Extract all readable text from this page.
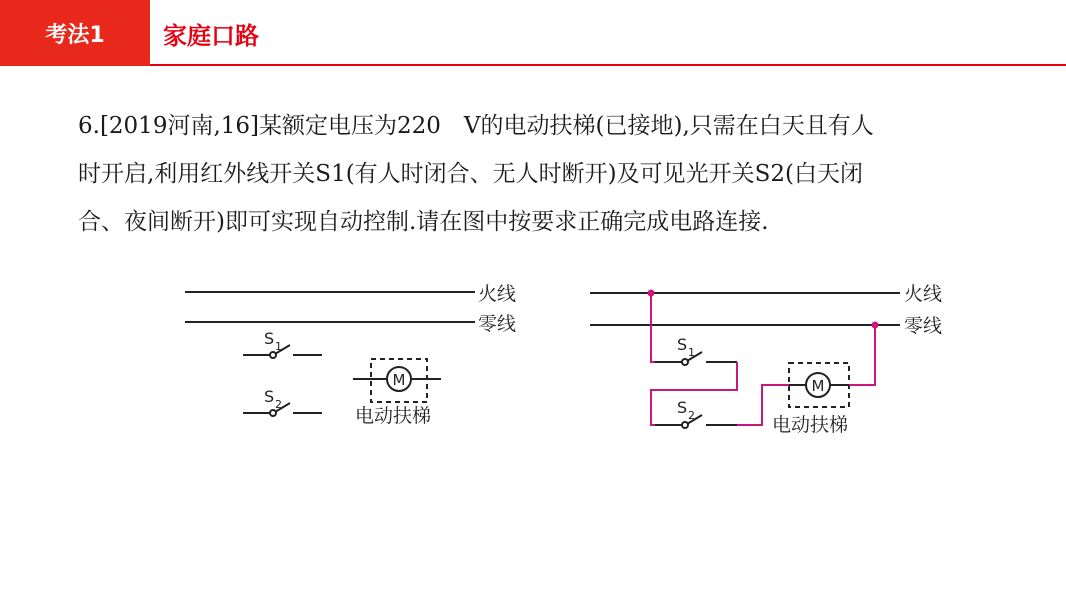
考法1	家庭口路
6.[2019河南,16]某额定电压为220　V的电动扶梯(已接地),只需在白天且有人
时开启,利用红外线开关S1(有人时闭合、无人时断开)及可见光开关S2(白天闭
合、夜间断开)即可实现自动控制.请在图中按要求正确完成电路连接.
火线
零线
S 1
S 2
M
电动扶梯
火线
零线
S 1
S 2
M
电动扶梯
